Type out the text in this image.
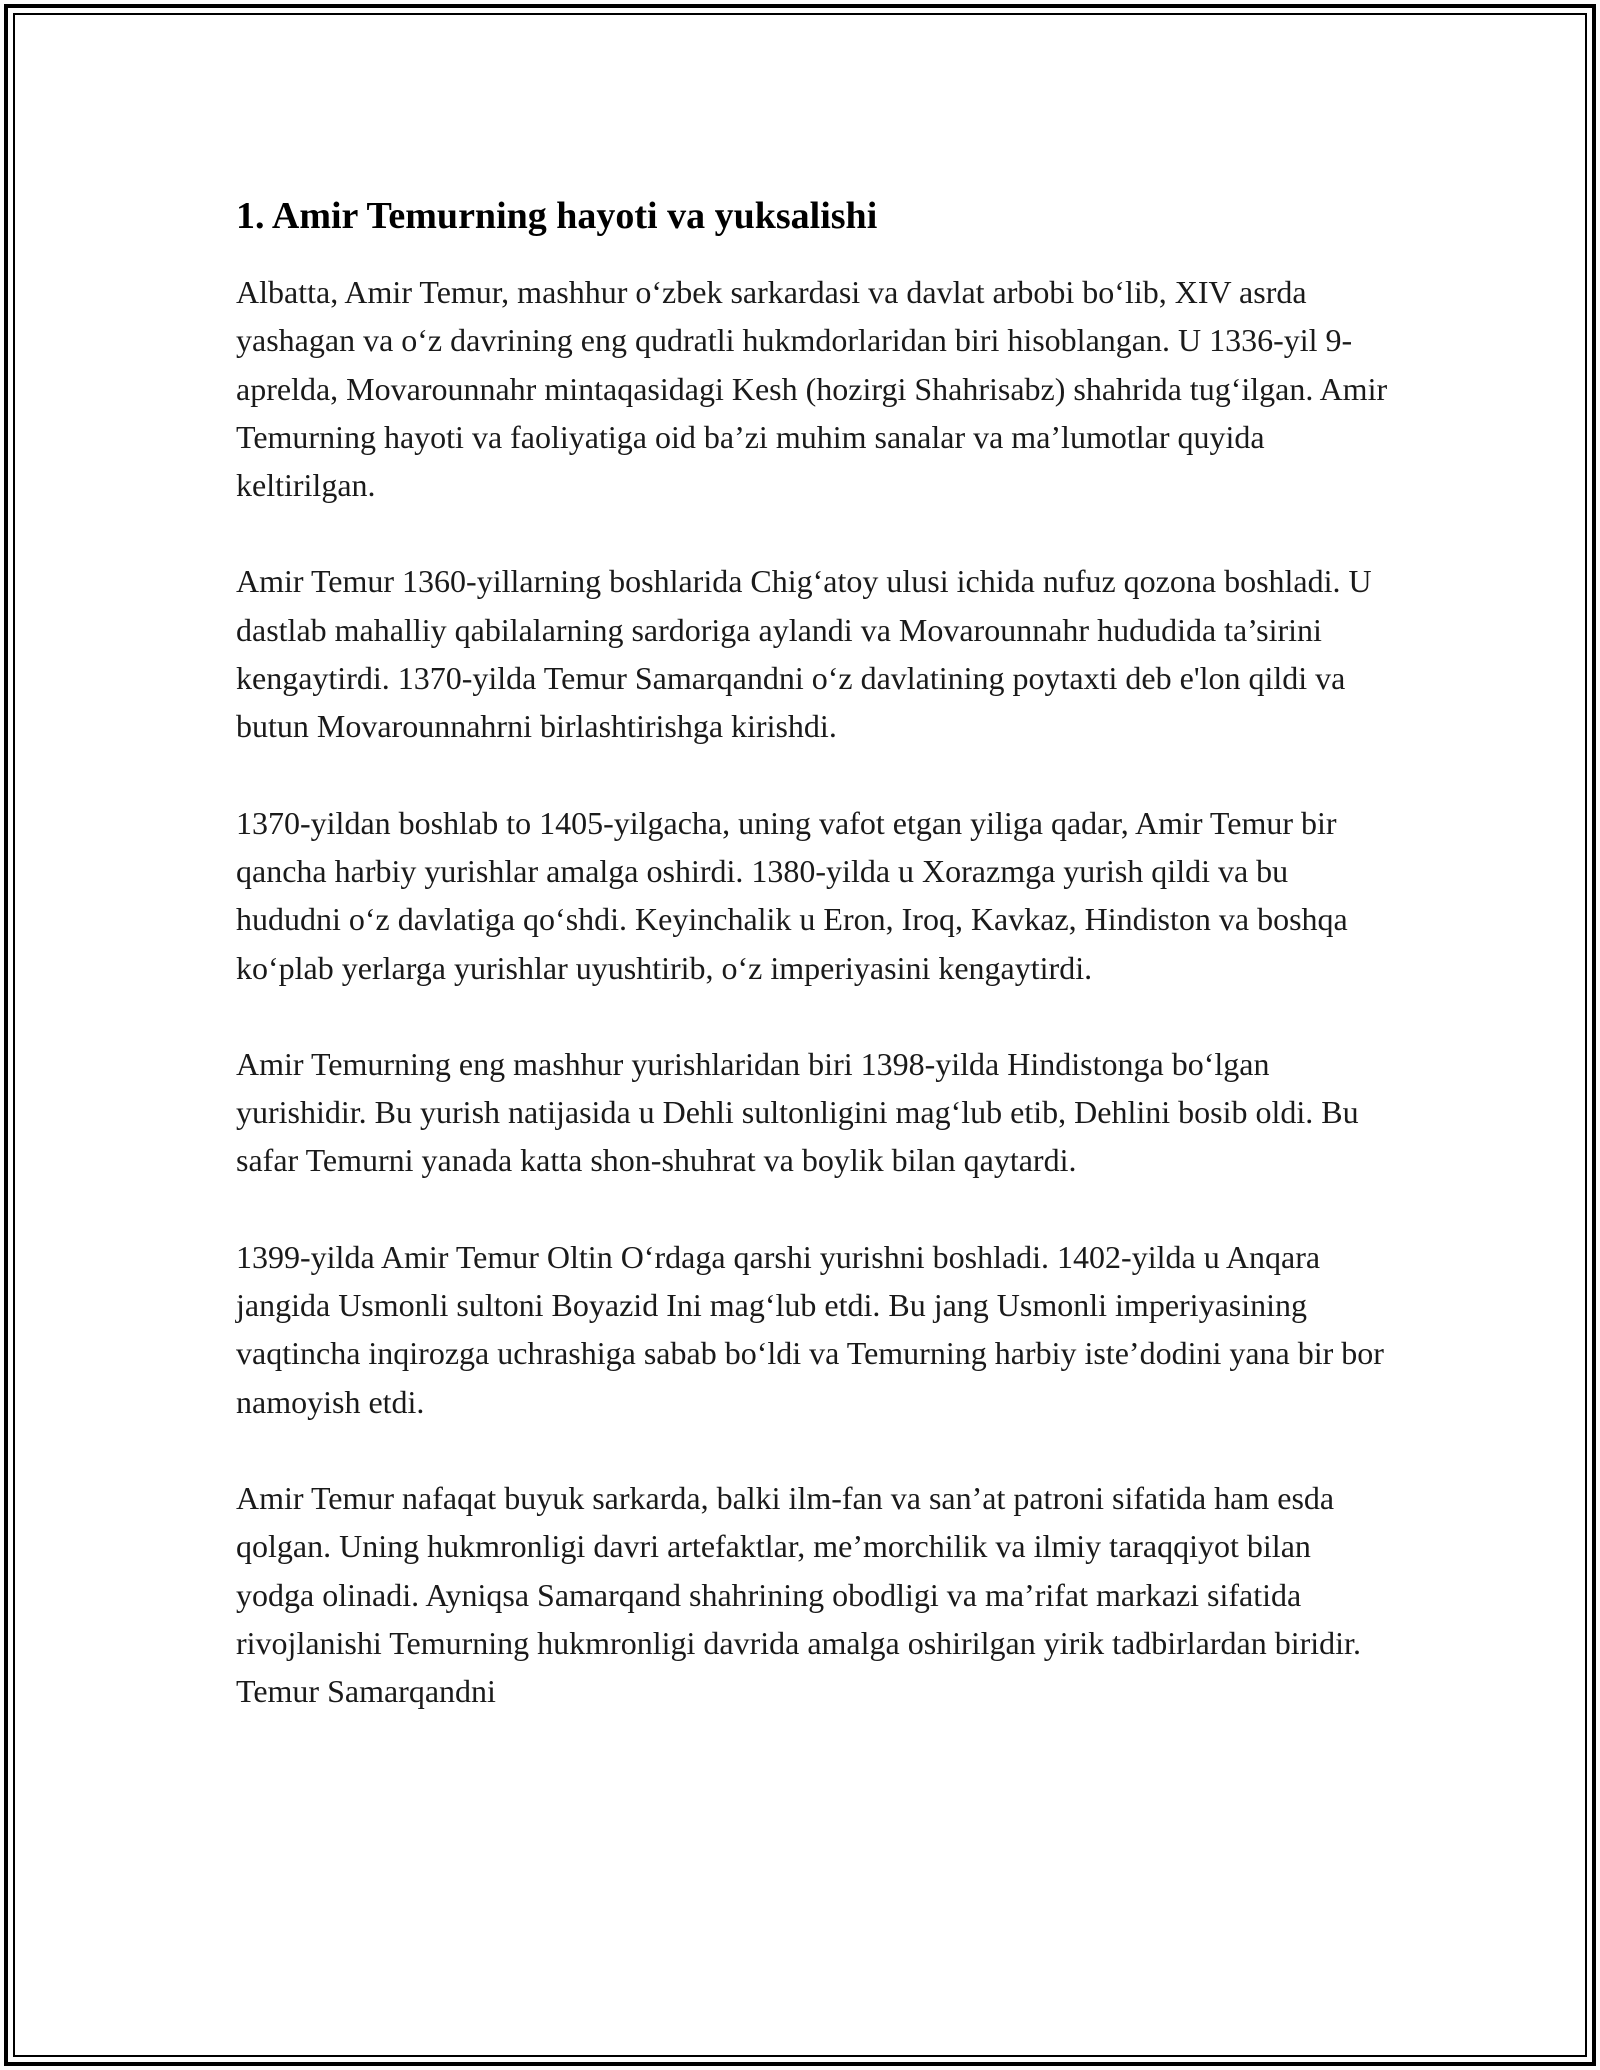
1. Amir Temurning hayoti va yuksalishi

Albatta, Amir Temur, mashhur o‘zbek sarkardasi va davlat arbobi bo‘lib, XIV asrda yashagan va o‘z davrining eng qudratli hukmdorlaridan biri hisoblangan. U 1336-yil 9-aprelda, Movarounnahr mintaqasidagi Kesh (hozirgi Shahrisabz) shahrida tug‘ilgan. Amir Temurning hayoti va faoliyatiga oid ba’zi muhim sanalar va ma’lumotlar quyida keltirilgan.

Amir Temur 1360-yillarning boshlarida Chig‘atoy ulusi ichida nufuz qozona boshladi. U dastlab mahalliy qabilalarning sardoriga aylandi va Movarounnahr hududida ta’sirini kengaytirdi. 1370-yilda Temur Samarqandni o‘z davlatining poytaxti deb e'lon qildi va butun Movarounnahrni birlashtirishga kirishdi.

1370-yildan boshlab to 1405-yilgacha, uning vafot etgan yiliga qadar, Amir Temur bir qancha harbiy yurishlar amalga oshirdi. 1380-yilda u Xorazmga yurish qildi va bu hududni o‘z davlatiga qo‘shdi. Keyinchalik u Eron, Iroq, Kavkaz, Hindiston va boshqa ko‘plab yerlarga yurishlar uyushtirib, o‘z imperiyasini kengaytirdi.

Amir Temurning eng mashhur yurishlaridan biri 1398-yilda Hindistonga bo‘lgan yurishidir. Bu yurish natijasida u Dehli sultonligini mag‘lub etib, Dehlini bosib oldi. Bu safar Temurni yanada katta shon-shuhrat va boylik bilan qaytardi.

1399-yilda Amir Temur Oltin O‘rdaga qarshi yurishni boshladi. 1402-yilda u Anqara jangida Usmonli sultoni Boyazid Ini mag‘lub etdi. Bu jang Usmonli imperiyasining vaqtincha inqirozga uchrashiga sabab bo‘ldi va Temurning harbiy iste’dodini yana bir bor namoyish etdi.

Amir Temur nafaqat buyuk sarkarda, balki ilm-fan va san’at patroni sifatida ham esda qolgan. Uning hukmronligi davri artefaktlar, me’morchilik va ilmiy taraqqiyot bilan yodga olinadi. Ayniqsa Samarqand shahrining obodligi va ma’rifat markazi sifatida rivojlanishi Temurning hukmronligi davrida amalga oshirilgan yirik tadbirlardan biridir. Temur Samarqandni
